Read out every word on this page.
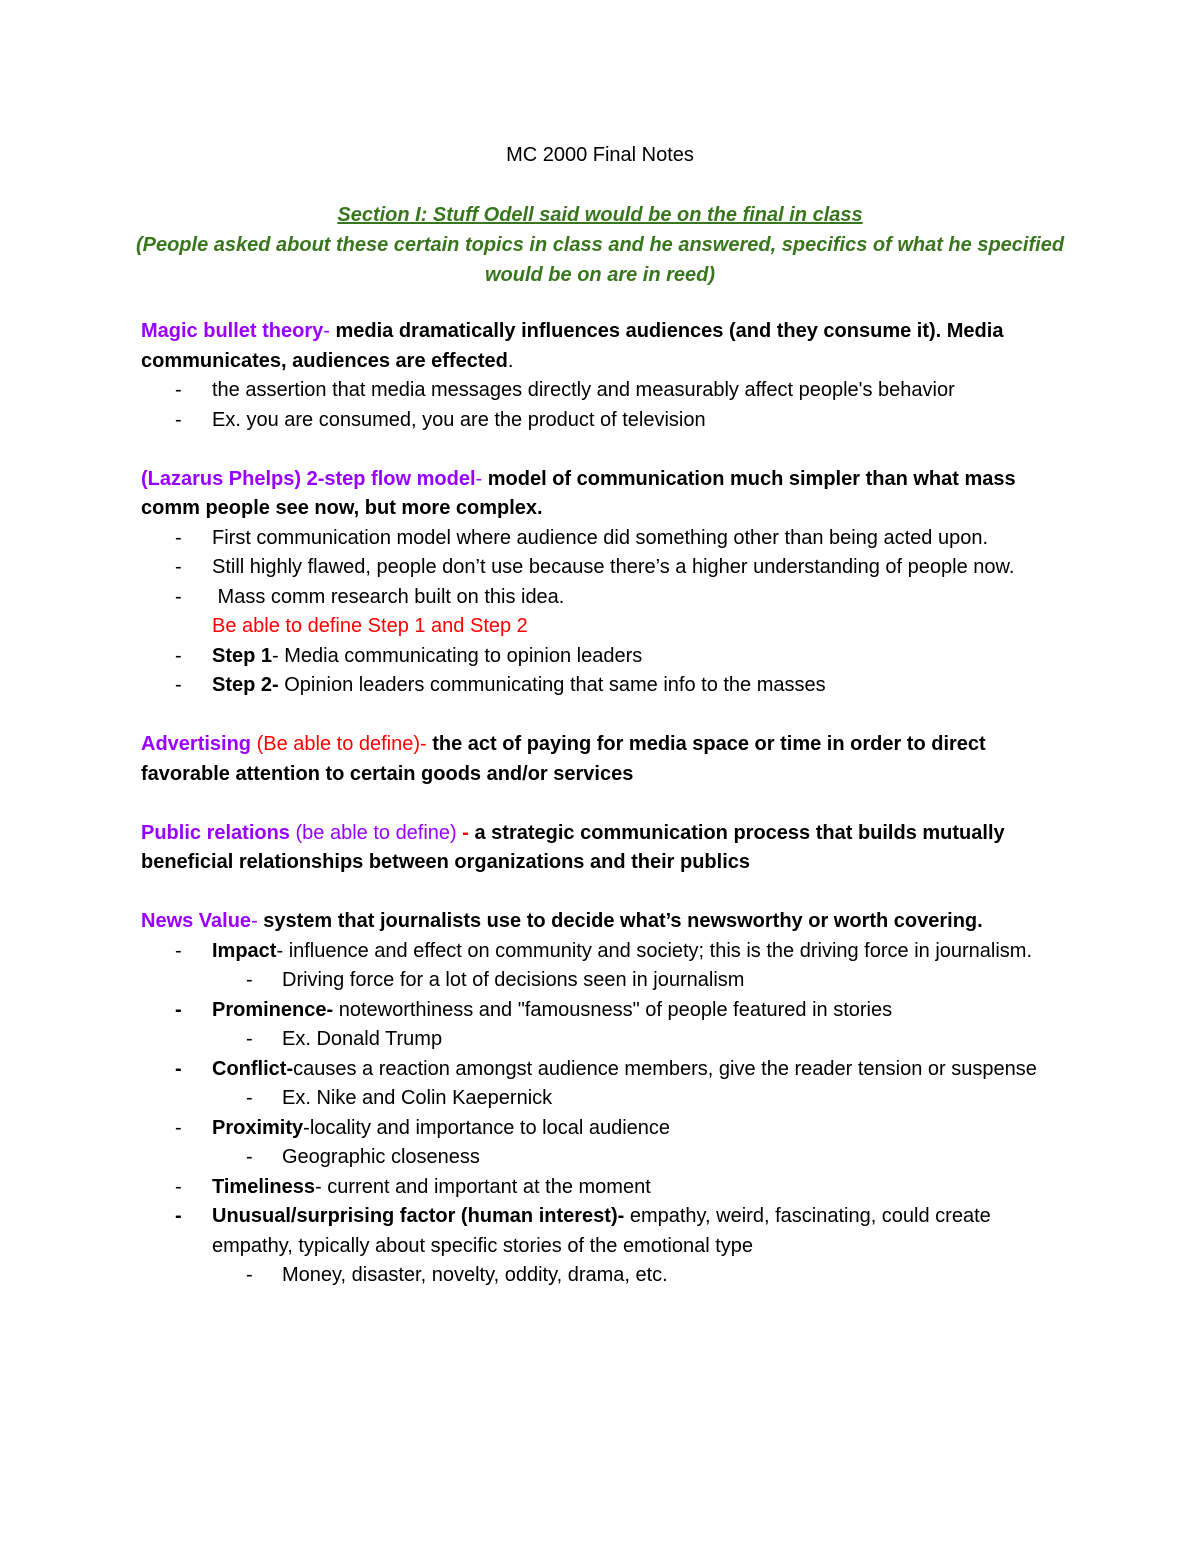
MC 2000 Final Notes
Section I: Stuff Odell said would be on the final in class
(People asked about these certain topics in class and he answered, specifics of what he specified would be on are in reed)

Magic bullet theory- media dramatically influences audiences (and they consume it). Media communicates, audiences are effected.

- the assertion that media messages directly and measurably affect people's behavior

- Ex. you are consumed, you are the product of television

(Lazarus Phelps) 2-step flow model- model of communication much simpler than what mass comm people see now, but more complex.

- First communication model where audience did something other than being acted upon.

- Still highly flawed, people don’t use because there’s a higher understanding of people now.

- Mass comm research built on this idea.

Be able to define Step 1 and Step 2

- Step 1- Media communicating to opinion leaders

- Step 2- Opinion leaders communicating that same info to the masses

Advertising (Be able to define)- the act of paying for media space or time in order to direct favorable attention to certain goods and/or services

Public relations (be able to define) - a strategic communication process that builds mutually beneficial relationships between organizations and their publics

News Value- system that journalists use to decide what’s newsworthy or worth covering.

- Impact- influence and effect on community and society; this is the driving force in journalism.

- Driving force for a lot of decisions seen in journalism

- Prominence- noteworthiness and "famousness" of people featured in stories

- Ex. Donald Trump

- Conflict-causes a reaction amongst audience members, give the reader tension or suspense

- Ex. Nike and Colin Kaepernick

- Proximity-locality and importance to local audience

- Geographic closeness

- Timeliness- current and important at the moment

- Unusual/surprising factor (human interest)- empathy, weird, fascinating, could create empathy, typically about specific stories of the emotional type

- Money, disaster, novelty, oddity, drama, etc.
